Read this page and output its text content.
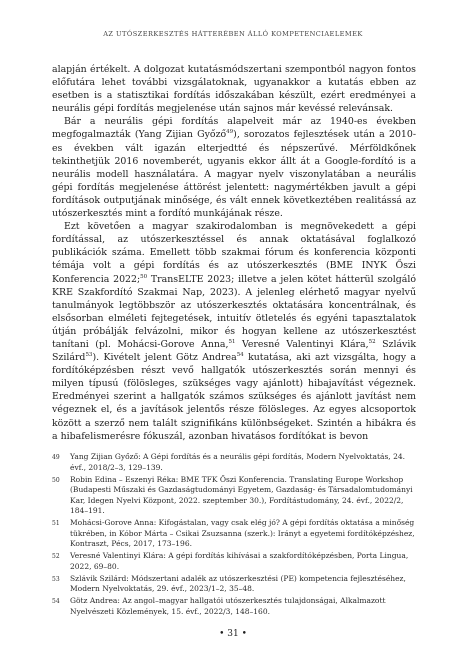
AZ UTÓSZERKESZTÉS HÁTTERÉBEN ÁLLÓ KOMPETENCIAELEMEK

alapján értékelt. A dolgozat kutatásmódszertani szempontból nagyon fontos előfutára lehet további vizsgálatoknak, ugyanakkor a kutatás ebben az esetben is a statisztikai fordítás időszakában készült, ezért eredményei a neurális gépi fordítás megjelenése után sajnos már kevéssé relevánsak.

Bár a neurális gépi fordítás alapelveit már az 1940-es években megfogalmazták (Yang Zijian Győző$^{49}$), sorozatos fejlesztések után a 2010-es években vált igazán elterjedtté és népszerűvé. Mérföldkőnek tekinthetjük 2016 novemberét, ugyanis ekkor állt át a Google-fordító is a neurális modell használatára. A magyar nyelv viszonylatában a neurális gépi fordítás megjelenése áttörést jelentett: nagymértékben javult a gépi fordítások outputjának minősége, és vált ennek következtében realitássá az utószerkesztés mint a fordító munkájának része.

Ezt követően a magyar szakirodalomban is megnövekedett a gépi fordítással, az utószerkesztéssel és annak oktatásával foglalkozó publikációk száma. Emellett több szakmai fórum és konferencia központi témája volt a gépi fordítás és az utószerkesztés (BME INYK Őszi Konferencia 2022;$^{50}$ TransELTE 2023; illetve a jelen kötet hátterül szolgáló KRE Szakfordító Szakmai Nap, 2023). A jelenleg elérhető magyar nyelvű tanulmányok legtöbbször az utószerkesztés oktatására koncentrálnak, és elsősorban elméleti fejtegetések, intuitív ötletelés és egyéni tapasztalatok útján próbálják felvázolni, mikor és hogyan kellene az utószerkesztést tanítani (pl. Mohácsi-Gorove Anna,$^{51}$ Veresné Valentinyi Klára,$^{52}$ Szlávik Szilárd$^{53}$). Kivételt jelent Götz Andrea$^{54}$ kutatása, aki azt vizsgálta, hogy a fordítóképzésben részt vevő hallgatók utószerkesztés során mennyi és milyen típusú (fölösleges, szükséges vagy ajánlott) hibajavítást végeznek. Eredményei szerint a hallgatók számos szükséges és ajánlott javítást nem végeznek el, és a javítások jelentős része fölösleges. Az egyes alcsoportok között a szerző nem talált szignifikáns különbségeket. Szintén a hibákra és a hibafelismerésre fókuszál, azonban hivatásos fordítókat is bevon

49	Yang Zijian Győző: A Gépi fordítás és a neurális gépi fordítás, Modern Nyelvoktatás, 24. évf., 2018/2–3, 129–139.
50	Robin Edina – Eszenyi Réka: BME TFK Őszi Konferencia. Translating Europe Workshop (Budapesti Műszaki és Gazdaságtudományi Egyetem, Gazdaság- és Társadalomtudományi Kar, Idegen Nyelvi Központ, 2022. szeptember 30.), Fordítástudomány, 24. évf., 2022/2, 184–191.
51	Mohácsi-Gorove Anna: Kifogástalan, vagy csak elég jó? A gépi fordítás oktatása a minőség tükrében, in Kóbor Márta – Csikai Zsuzsanna (szerk.): Irányt a egyetemi fordítóképzéshez, Kontraszt, Pécs, 2017, 173–196.
52	Veresné Valentinyi Klára: A gépi fordítás kihívásai a szakfordítóképzésben, Porta Lingua, 2022, 69–80.
53	Szlávik Szilárd: Módszertani adalék az utószerkesztési (PE) kompetencia fejlesztéséhez, Modern Nyelvoktatás, 29. évf., 2023/1–2, 35–48.
54	Götz Andrea: Az angol–magyar hallgatói utószerkesztés tulajdonságai, Alkalmazott Nyelvészeti Közlemények, 15. évf., 2022/3, 148–160.
• 31 •
